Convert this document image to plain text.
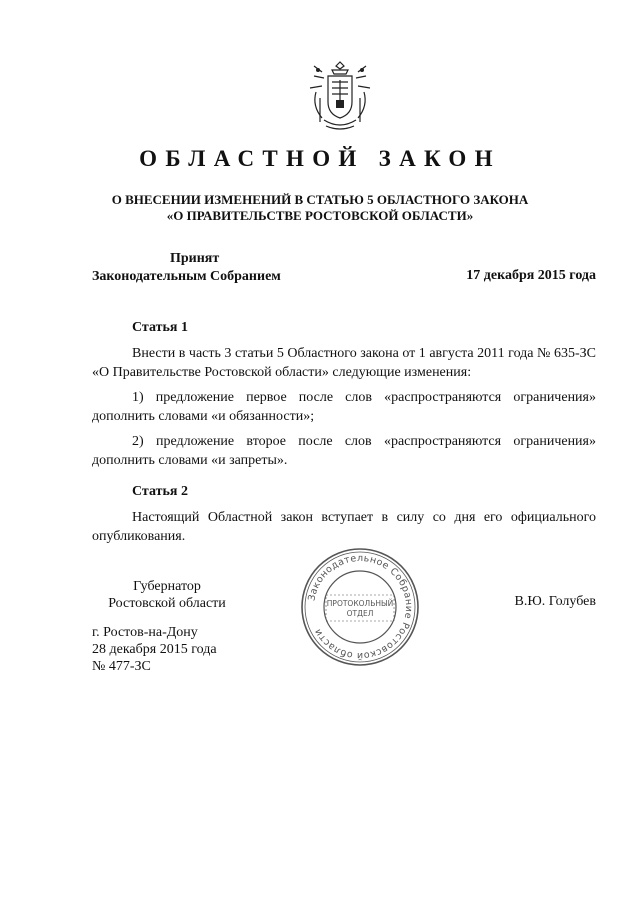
ОБЛАСТНОЙ ЗАКОН
О ВНЕСЕНИИ ИЗМЕНЕНИЙ В СТАТЬЮ 5 ОБЛАСТНОГО ЗАКОНА
«О ПРАВИТЕЛЬСТВЕ РОСТОВСКОЙ ОБЛАСТИ»
Принят
Законодательным Собранием	17 декабря 2015 года
Статья 1
Внести в часть 3 статьи 5 Областного закона от 1 августа 2011 года № 635-ЗС «О Правительстве Ростовской области» следующие изменения:
1) предложение первое после слов «распространяются ограничения» дополнить словами «и обязанности»;
2) предложение второе после слов «распространяются ограничения» дополнить словами «и запреты».
Статья 2
Настоящий Областной закон вступает в силу со дня его официального опубликования.
Губернатор
Ростовской области	В.Ю. Голубев
Законодательное Собрание Ростовской области
ПРОТОКОЛЬНЫЙ
ОТДЕЛ
г. Ростов-на-Дону
28 декабря 2015 года
№ 477-ЗС
